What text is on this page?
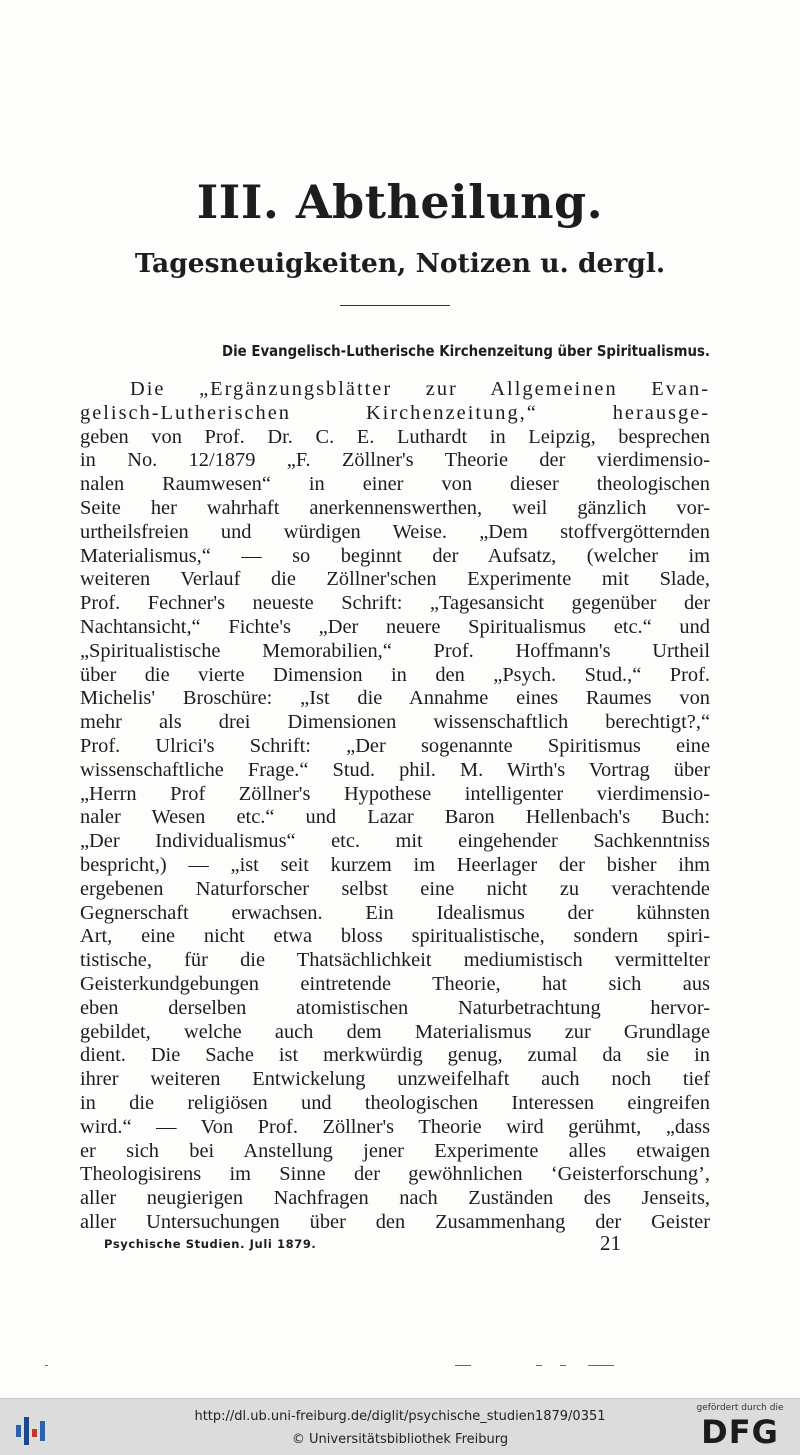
III. Abtheilung.
Tagesneuigkeiten, Notizen u. dergl.
Die Evangelisch-Lutherische Kirchenzeitung über Spiritualismus.
Die „Ergänzungsblätter zur Allgemeinen Evan-
gelisch-Lutherischen Kirchenzeitung,“ herausge-
geben von Prof. Dr. C. E. Luthardt in Leipzig, besprechen
in No. 12/1879 „F. Zöllner's Theorie der vierdimensio-
nalen Raumwesen“ in einer von dieser theologischen
Seite her wahrhaft anerkennenswerthen, weil gänzlich vor-
urtheilsfreien und würdigen Weise. „Dem stoffvergötternden
Materialismus,“ — so beginnt der Aufsatz, (welcher im
weiteren Verlauf die Zöllner'schen Experimente mit Slade,
Prof. Fechner's neueste Schrift: „Tagesansicht gegenüber der
Nachtansicht,“ Fichte's „Der neuere Spiritualismus etc.“ und
„Spiritualistische Memorabilien,“ Prof. Hoffmann's Urtheil
über die vierte Dimension in den „Psych. Stud.,“ Prof.
Michelis' Broschüre: „Ist die Annahme eines Raumes von
mehr als drei Dimensionen wissenschaftlich berechtigt?,“
Prof. Ulrici's Schrift: „Der sogenannte Spiritismus eine
wissenschaftliche Frage.“ Stud. phil. M. Wirth's Vortrag über
„Herrn Prof Zöllner's Hypothese intelligenter vierdimensio-
naler Wesen etc.“ und Lazar Baron Hellenbach's Buch:
„Der Individualismus“ etc. mit eingehender Sachkenntniss
bespricht,) — „ist seit kurzem im Heerlager der bisher ihm
ergebenen Naturforscher selbst eine nicht zu verachtende
Gegnerschaft erwachsen. Ein Idealismus der kühnsten
Art, eine nicht etwa bloss spiritualistische, sondern spiri-
tistische, für die Thatsächlichkeit mediumistisch vermittelter
Geisterkundgebungen eintretende Theorie, hat sich aus
eben derselben atomistischen Naturbetrachtung hervor-
gebildet, welche auch dem Materialismus zur Grundlage
dient. Die Sache ist merkwürdig genug, zumal da sie in
ihrer weiteren Entwickelung unzweifelhaft auch noch tief
in die religiösen und theologischen Interessen eingreifen
wird.“ — Von Prof. Zöllner's Theorie wird gerühmt, „dass
er sich bei Anstellung jener Experimente alles etwaigen
Theologisirens im Sinne der gewöhnlichen ‘Geisterforschung’,
aller neugierigen Nachfragen nach Zuständen des Jenseits,
aller Untersuchungen über den Zusammenhang der Geister
Psychische Studien. Juli 1879.	21
http://dl.ub.uni-freiburg.de/diglit/psychische_studien1879/0351
© Universitätsbibliothek Freiburg
gefördert durch die
DFG
